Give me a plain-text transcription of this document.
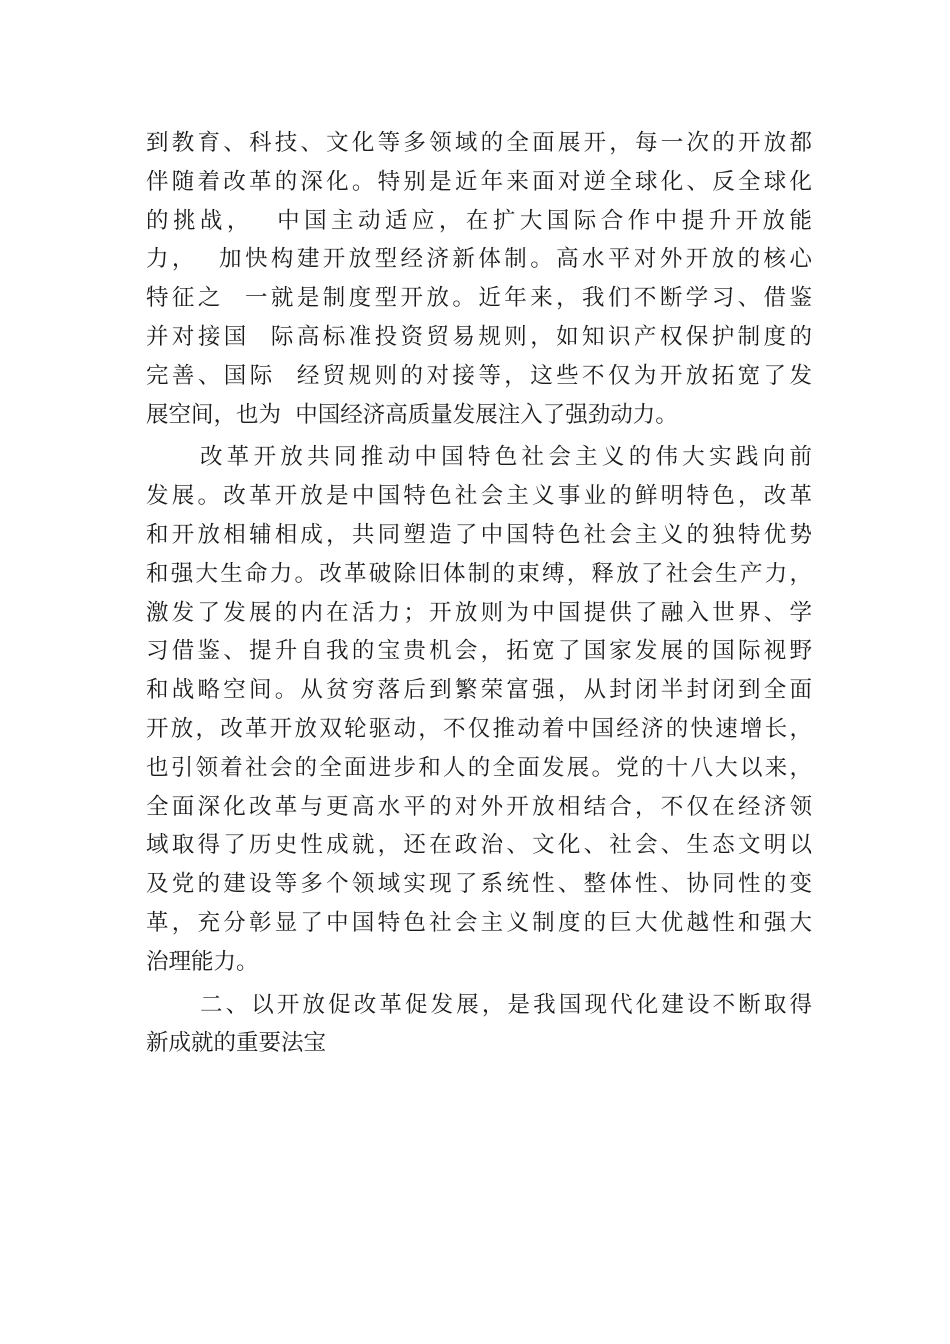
到教育、科技、文化等多领域的全面展开，每一次的开放都
伴随着改革的深化。特别是近年来面对逆全球化、反全球化
的挑战，  中国主动适应，在扩大国际合作中提升开放能
力，  加快构建开放型经济新体制。高水平对外开放的核心
特征之  一就是制度型开放。近年来，我们不断学习、借鉴
并对接国  际高标准投资贸易规则，如知识产权保护制度的
完善、国际  经贸规则的对接等，这些不仅为开放拓宽了发
展空间，也为  中国经济高质量发展注入了强劲动力。
改革开放共同推动中国特色社会主义的伟大实践向前
发展。改革开放是中国特色社会主义事业的鲜明特色，改革
和开放相辅相成，共同塑造了中国特色社会主义的独特优势
和强大生命力。改革破除旧体制的束缚，释放了社会生产力，
激发了发展的内在活力；开放则为中国提供了融入世界、学
习借鉴、提升自我的宝贵机会，拓宽了国家发展的国际视野
和战略空间。从贫穷落后到繁荣富强，从封闭半封闭到全面
开放，改革开放双轮驱动，不仅推动着中国经济的快速增长，
也引领着社会的全面进步和人的全面发展。党的十八大以来，
全面深化改革与更高水平的对外开放相结合，不仅在经济领
域取得了历史性成就，还在政治、文化、社会、生态文明以
及党的建设等多个领域实现了系统性、整体性、协同性的变
革，充分彰显了中国特色社会主义制度的巨大优越性和强大
治理能力。
二、以开放促改革促发展，是我国现代化建设不断取得
新成就的重要法宝
